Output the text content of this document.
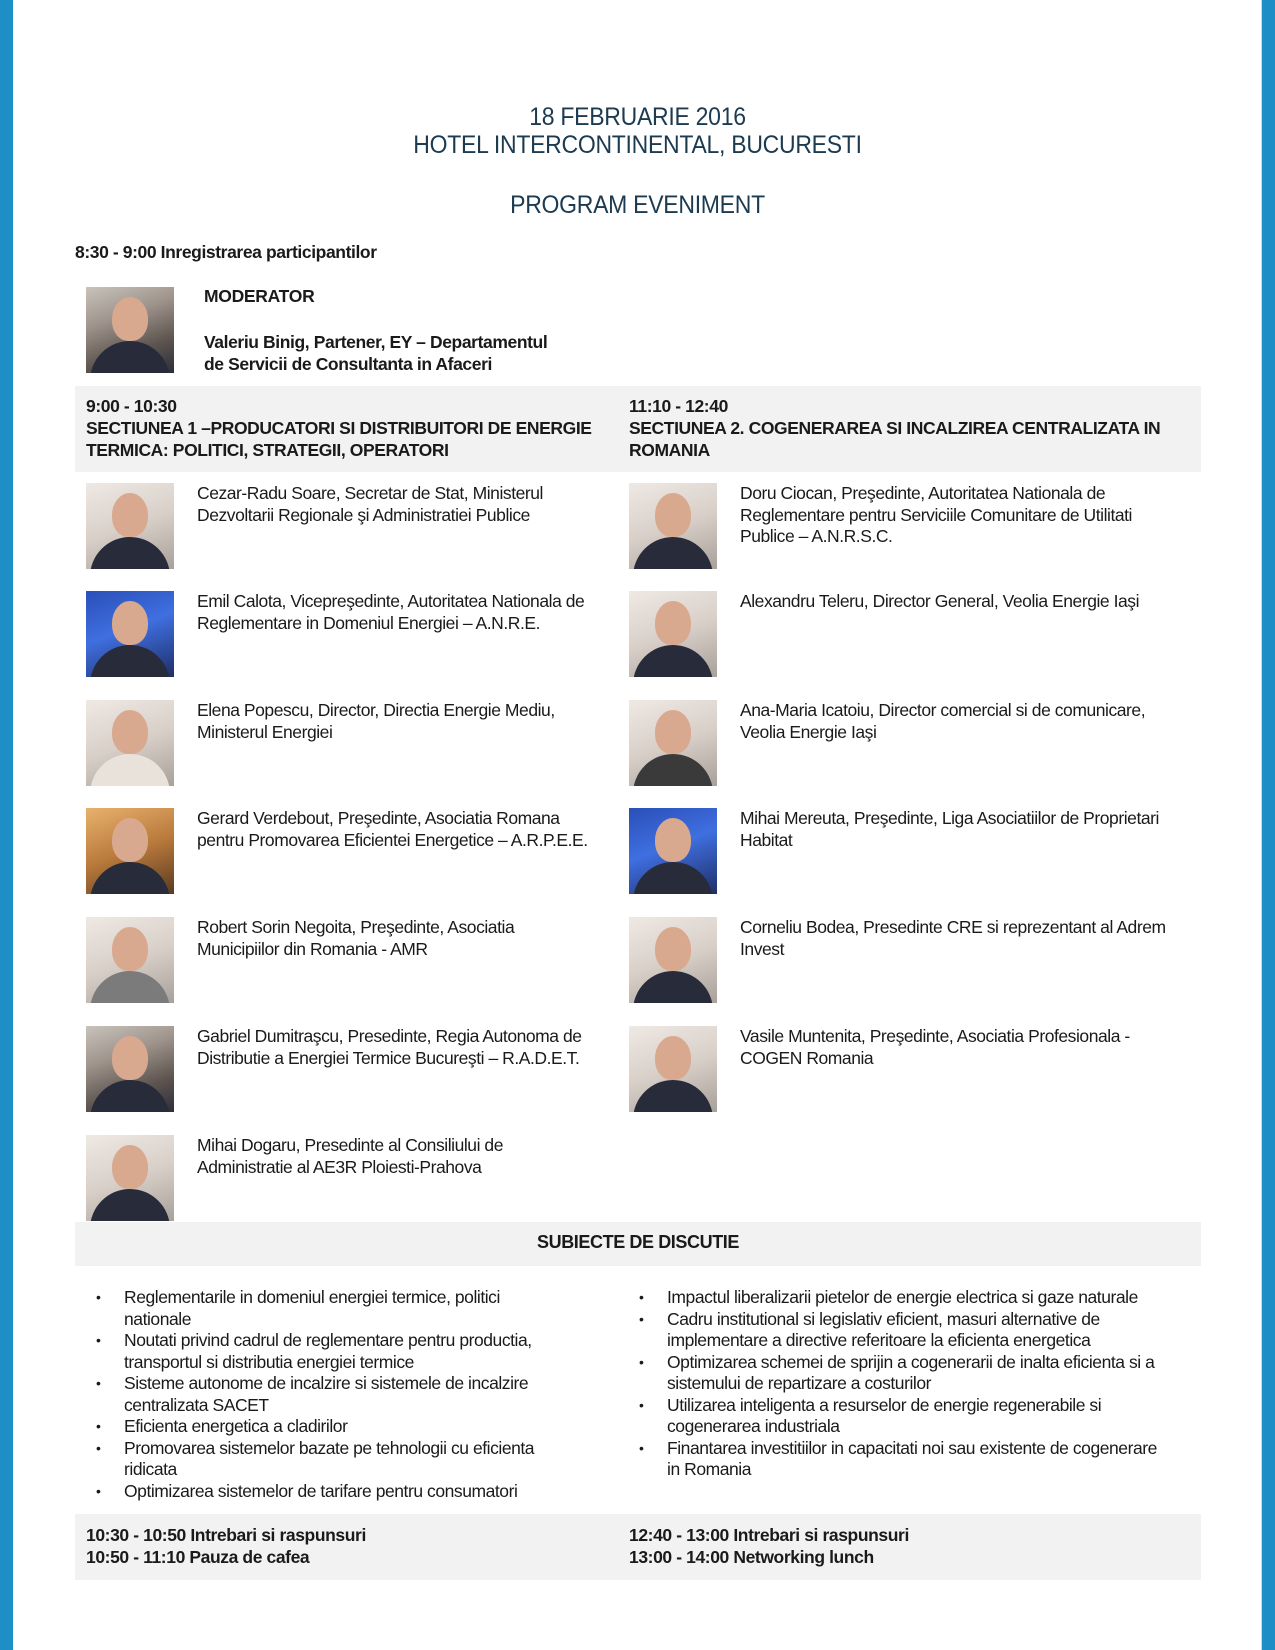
18 FEBRUARIE 2016
HOTEL INTERCONTINENTAL, BUCURESTI
PROGRAM EVENIMENT
8:30 - 9:00 Inregistrarea participantilor
MODERATOR
Valeriu Binig, Partener, EY – Departamentul
de Servicii de Consultanta in Afaceri
9:00 - 10:30
SECTIUNEA 1 –PRODUCATORI SI DISTRIBUITORI DE ENERGIE
TERMICA: POLITICI, STRATEGII, OPERATORI
11:10 - 12:40
SECTIUNEA 2. COGENERAREA SI INCALZIREA CENTRALIZATA IN
ROMANIA
Cezar-Radu Soare, Secretar de Stat, Ministerul
Dezvoltarii Regionale şi Administratiei Publice
Emil Calota, Vicepreşedinte, Autoritatea Nationala de
Reglementare in Domeniul Energiei – A.N.R.E.
Elena Popescu, Director, Directia Energie Mediu,
Ministerul Energiei
Gerard Verdebout, Preşedinte, Asociatia Romana
pentru Promovarea Eficientei Energetice – A.R.P.E.E.
Robert Sorin Negoita, Preşedinte, Asociatia
Municipiilor din Romania - AMR
Gabriel Dumitraşcu, Presedinte, Regia Autonoma de
Distributie a Energiei Termice Bucureşti – R.A.D.E.T.
Mihai Dogaru, Presedinte al Consiliului de
Administratie al AE3R Ploiesti-Prahova
Doru Ciocan, Preşedinte, Autoritatea Nationala de
Reglementare pentru Serviciile Comunitare de Utilitati
Publice – A.N.R.S.C.
Alexandru Teleru, Director General, Veolia Energie Iaşi
Ana-Maria Icatoiu, Director comercial si de comunicare,
Veolia Energie Iaşi
Mihai Mereuta, Preşedinte, Liga Asociatiilor de Proprietari
Habitat
Corneliu Bodea, Presedinte CRE si reprezentant al Adrem
Invest
Vasile Muntenita, Preşedinte, Asociatia Profesionala -
COGEN Romania
SUBIECTE DE DISCUTIE
• Reglementarile in domeniul energiei termice, politici
nationale
• Noutati privind cadrul de reglementare pentru productia,
transportul si distributia energiei termice
• Sisteme autonome de incalzire si sistemele de incalzire
centralizata SACET
• Eficienta energetica a cladirilor
• Promovarea sistemelor bazate pe tehnologii cu eficienta
ridicata
• Optimizarea sistemelor de tarifare pentru consumatori
• Impactul liberalizarii pietelor de energie electrica si gaze naturale
• Cadru institutional si legislativ eficient, masuri alternative de
implementare a directive referitoare la eficienta energetica
• Optimizarea schemei de sprijin a cogenerarii de inalta eficienta si a
sistemului de repartizare a costurilor
• Utilizarea inteligenta a resurselor de energie regenerabile si
cogenerarea industriala
• Finantarea investitiilor in capacitati noi sau existente de cogenerare
in Romania
10:30 - 10:50 Intrebari si raspunsuri
10:50 - 11:10 Pauza de cafea
12:40 - 13:00 Intrebari si raspunsuri
13:00 - 14:00 Networking lunch
